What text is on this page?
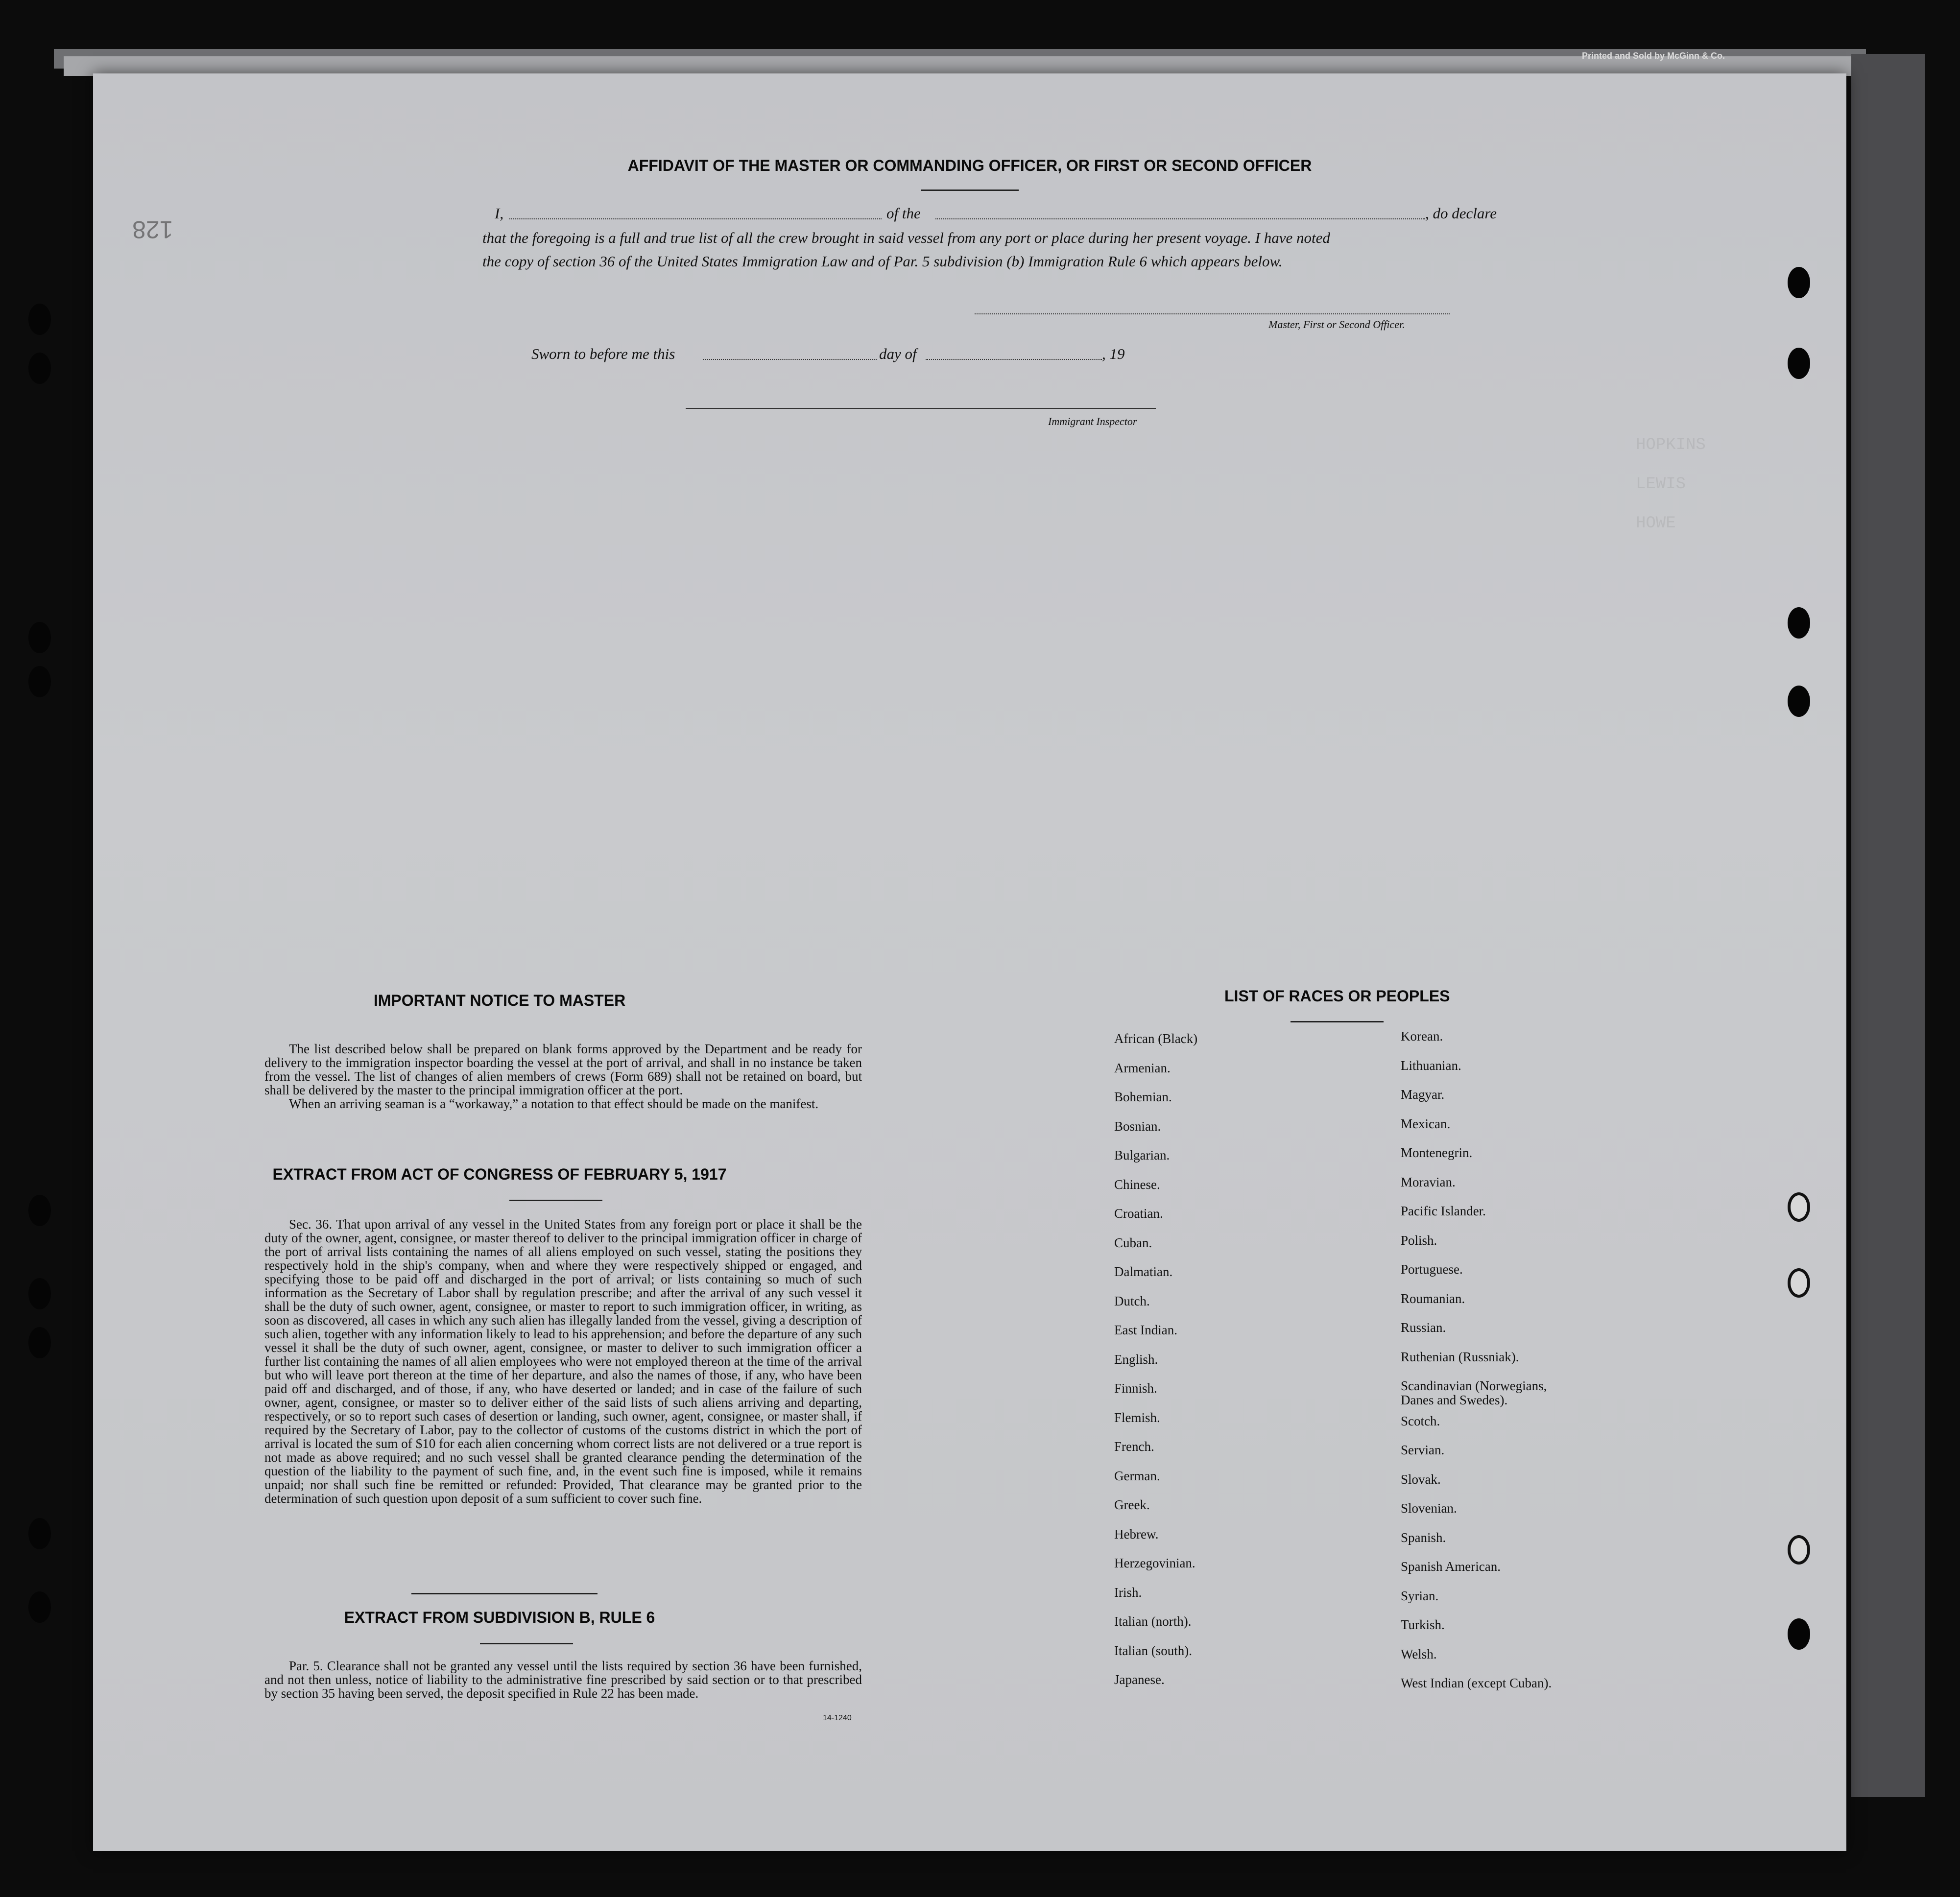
Printed and Sold by McGinn & Co.
HOPKINS
LEWIS
HOWE
128
AFFIDAVIT OF THE MASTER OR COMMANDING OFFICER, OR FIRST OR SECOND OFFICER
I,	of the	, do declare
that the foregoing is a full and true list of all the crew brought in said vessel from any port or place during her present voyage. I have noted
the copy of section 36 of the United States Immigration Law and of Par. 5 subdivision (b) Immigration Rule 6 which appears below.
Master, First or Second Officer.
Sworn to before me this	day of	, 19
Immigrant Inspector
IMPORTANT NOTICE TO MASTER

The list described below shall be prepared on blank forms approved by the Department and be ready for delivery to the immigration inspector boarding the vessel at the port of arrival, and shall in no instance be taken from the vessel. The list of changes of alien members of crews (Form 689) shall not be retained on board, but shall be delivered by the master to the principal immigration officer at the port.

When an arriving seaman is a “workaway,” a notation to that effect should be made on the manifest.

EXTRACT FROM ACT OF CONGRESS OF FEBRUARY 5, 1917

Sec. 36. That upon arrival of any vessel in the United States from any foreign port or place it shall be the duty of the owner, agent, consignee, or master thereof to deliver to the principal immigration officer in charge of the port of arrival lists containing the names of all aliens employed on such vessel, stating the positions they respectively hold in the ship's company, when and where they were respectively shipped or engaged, and specifying those to be paid off and discharged in the port of arrival; or lists containing so much of such information as the Secretary of Labor shall by regulation prescribe; and after the arrival of any such vessel it shall be the duty of such owner, agent, consignee, or master to report to such immigration officer, in writing, as soon as discovered, all cases in which any such alien has illegally landed from the vessel, giving a description of such alien, together with any information likely to lead to his apprehension; and before the departure of any such vessel it shall be the duty of such owner, agent, consignee, or master to deliver to such immigration officer a further list containing the names of all alien employees who were not employed thereon at the time of the arrival but who will leave port thereon at the time of her departure, and also the names of those, if any, who have been paid off and discharged, and of those, if any, who have deserted or landed; and in case of the failure of such owner, agent, consignee, or master so to deliver either of the said lists of such aliens arriving and departing, respectively, or so to report such cases of desertion or landing, such owner, agent, consignee, or master shall, if required by the Secretary of Labor, pay to the collector of customs of the customs district in which the port of arrival is located the sum of $10 for each alien concerning whom correct lists are not delivered or a true report is not made as above required; and no such vessel shall be granted clearance pending the determination of the question of the liability to the payment of such fine, and, in the event such fine is imposed, while it remains unpaid; nor shall such fine be remitted or refunded: Provided, That clearance may be granted prior to the determination of such question upon deposit of a sum sufficient to cover such fine.

EXTRACT FROM SUBDIVISION B, RULE 6

Par. 5. Clearance shall not be granted any vessel until the lists required by section 36 have been furnished, and not then unless, notice of liability to the administrative fine prescribed by said section or to that prescribed by section 35 having been served, the deposit specified in Rule 22 has been made.

14-1240
LIST OF RACES OR PEOPLES
African (Black)
Armenian.
Bohemian.
Bosnian.
Bulgarian.
Chinese.
Croatian.
Cuban.
Dalmatian.
Dutch.
East Indian.
English.
Finnish.
Flemish.
French.
German.
Greek.
Hebrew.
Herzegovinian.
Irish.
Italian (north).
Italian (south).
Japanese.
Korean.
Lithuanian.
Magyar.
Mexican.
Montenegrin.
Moravian.
Pacific Islander.
Polish.
Portuguese.
Roumanian.
Russian.
Ruthenian (Russniak).
Scandinavian (Norwegians,
Danes and Swedes).
Scotch.
Servian.
Slovak.
Slovenian.
Spanish.
Spanish American.
Syrian.
Turkish.
Welsh.
West Indian (except Cuban).
